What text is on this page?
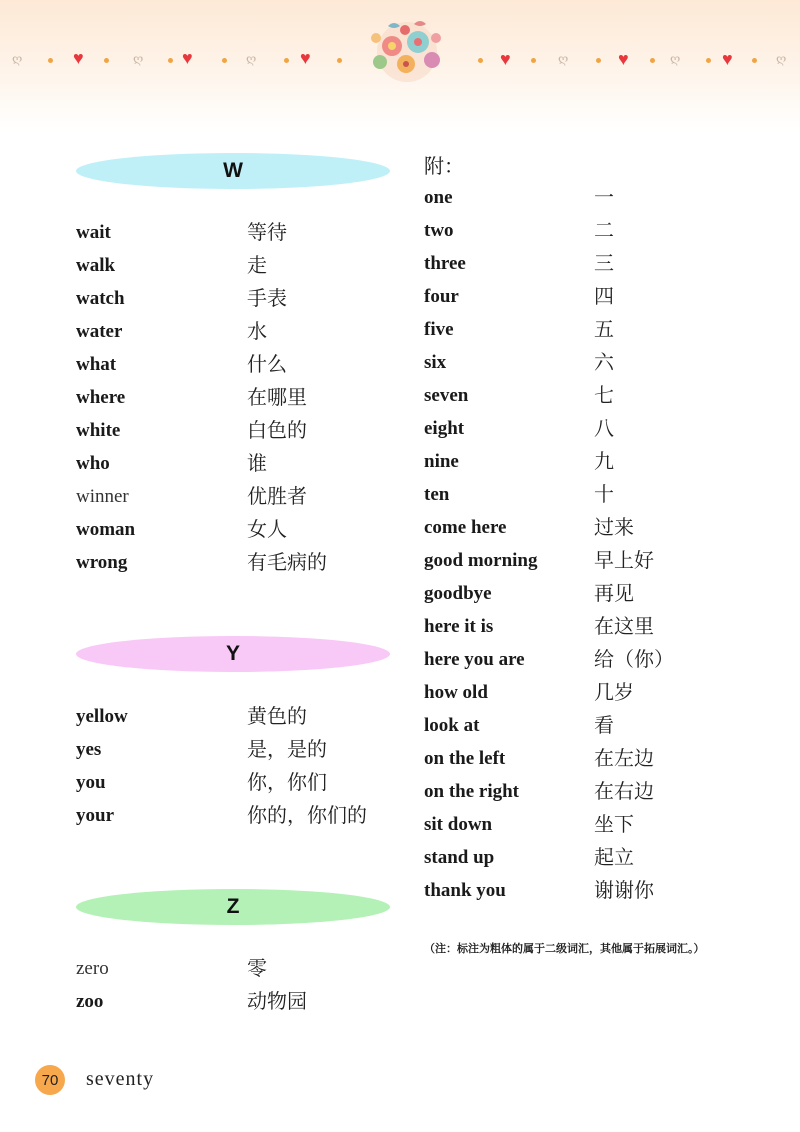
ღ	♥	ღ ♥	ღ ♥	♥	ღ	♥	ღ ♥	ღ
W
wait	等待
walk	走
watch	手表
water	水
what	什么
where	在哪里
white	白色的
who	谁
winner	优胜者
woman	女人
wrong	有毛病的
Y
yellow	黄色的
yes	是，是的
you	你，你们
your	你的，你们的
Z
zero	零
zoo	动物园
附：
one	一
two	二
three	三
four	四
five	五
six	六
seven	七
eight	八
nine	九
ten	十
come here	过来
good morning	早上好
goodbye	再见
here it is	在这里
here you are	给（你）
how old	几岁
look at	看
on the left	在左边
on the right	在右边
sit down	坐下
stand up	起立
thank you	谢谢你
（注：标注为粗体的属于二级词汇，其他属于拓展词汇。）
70 seventy
